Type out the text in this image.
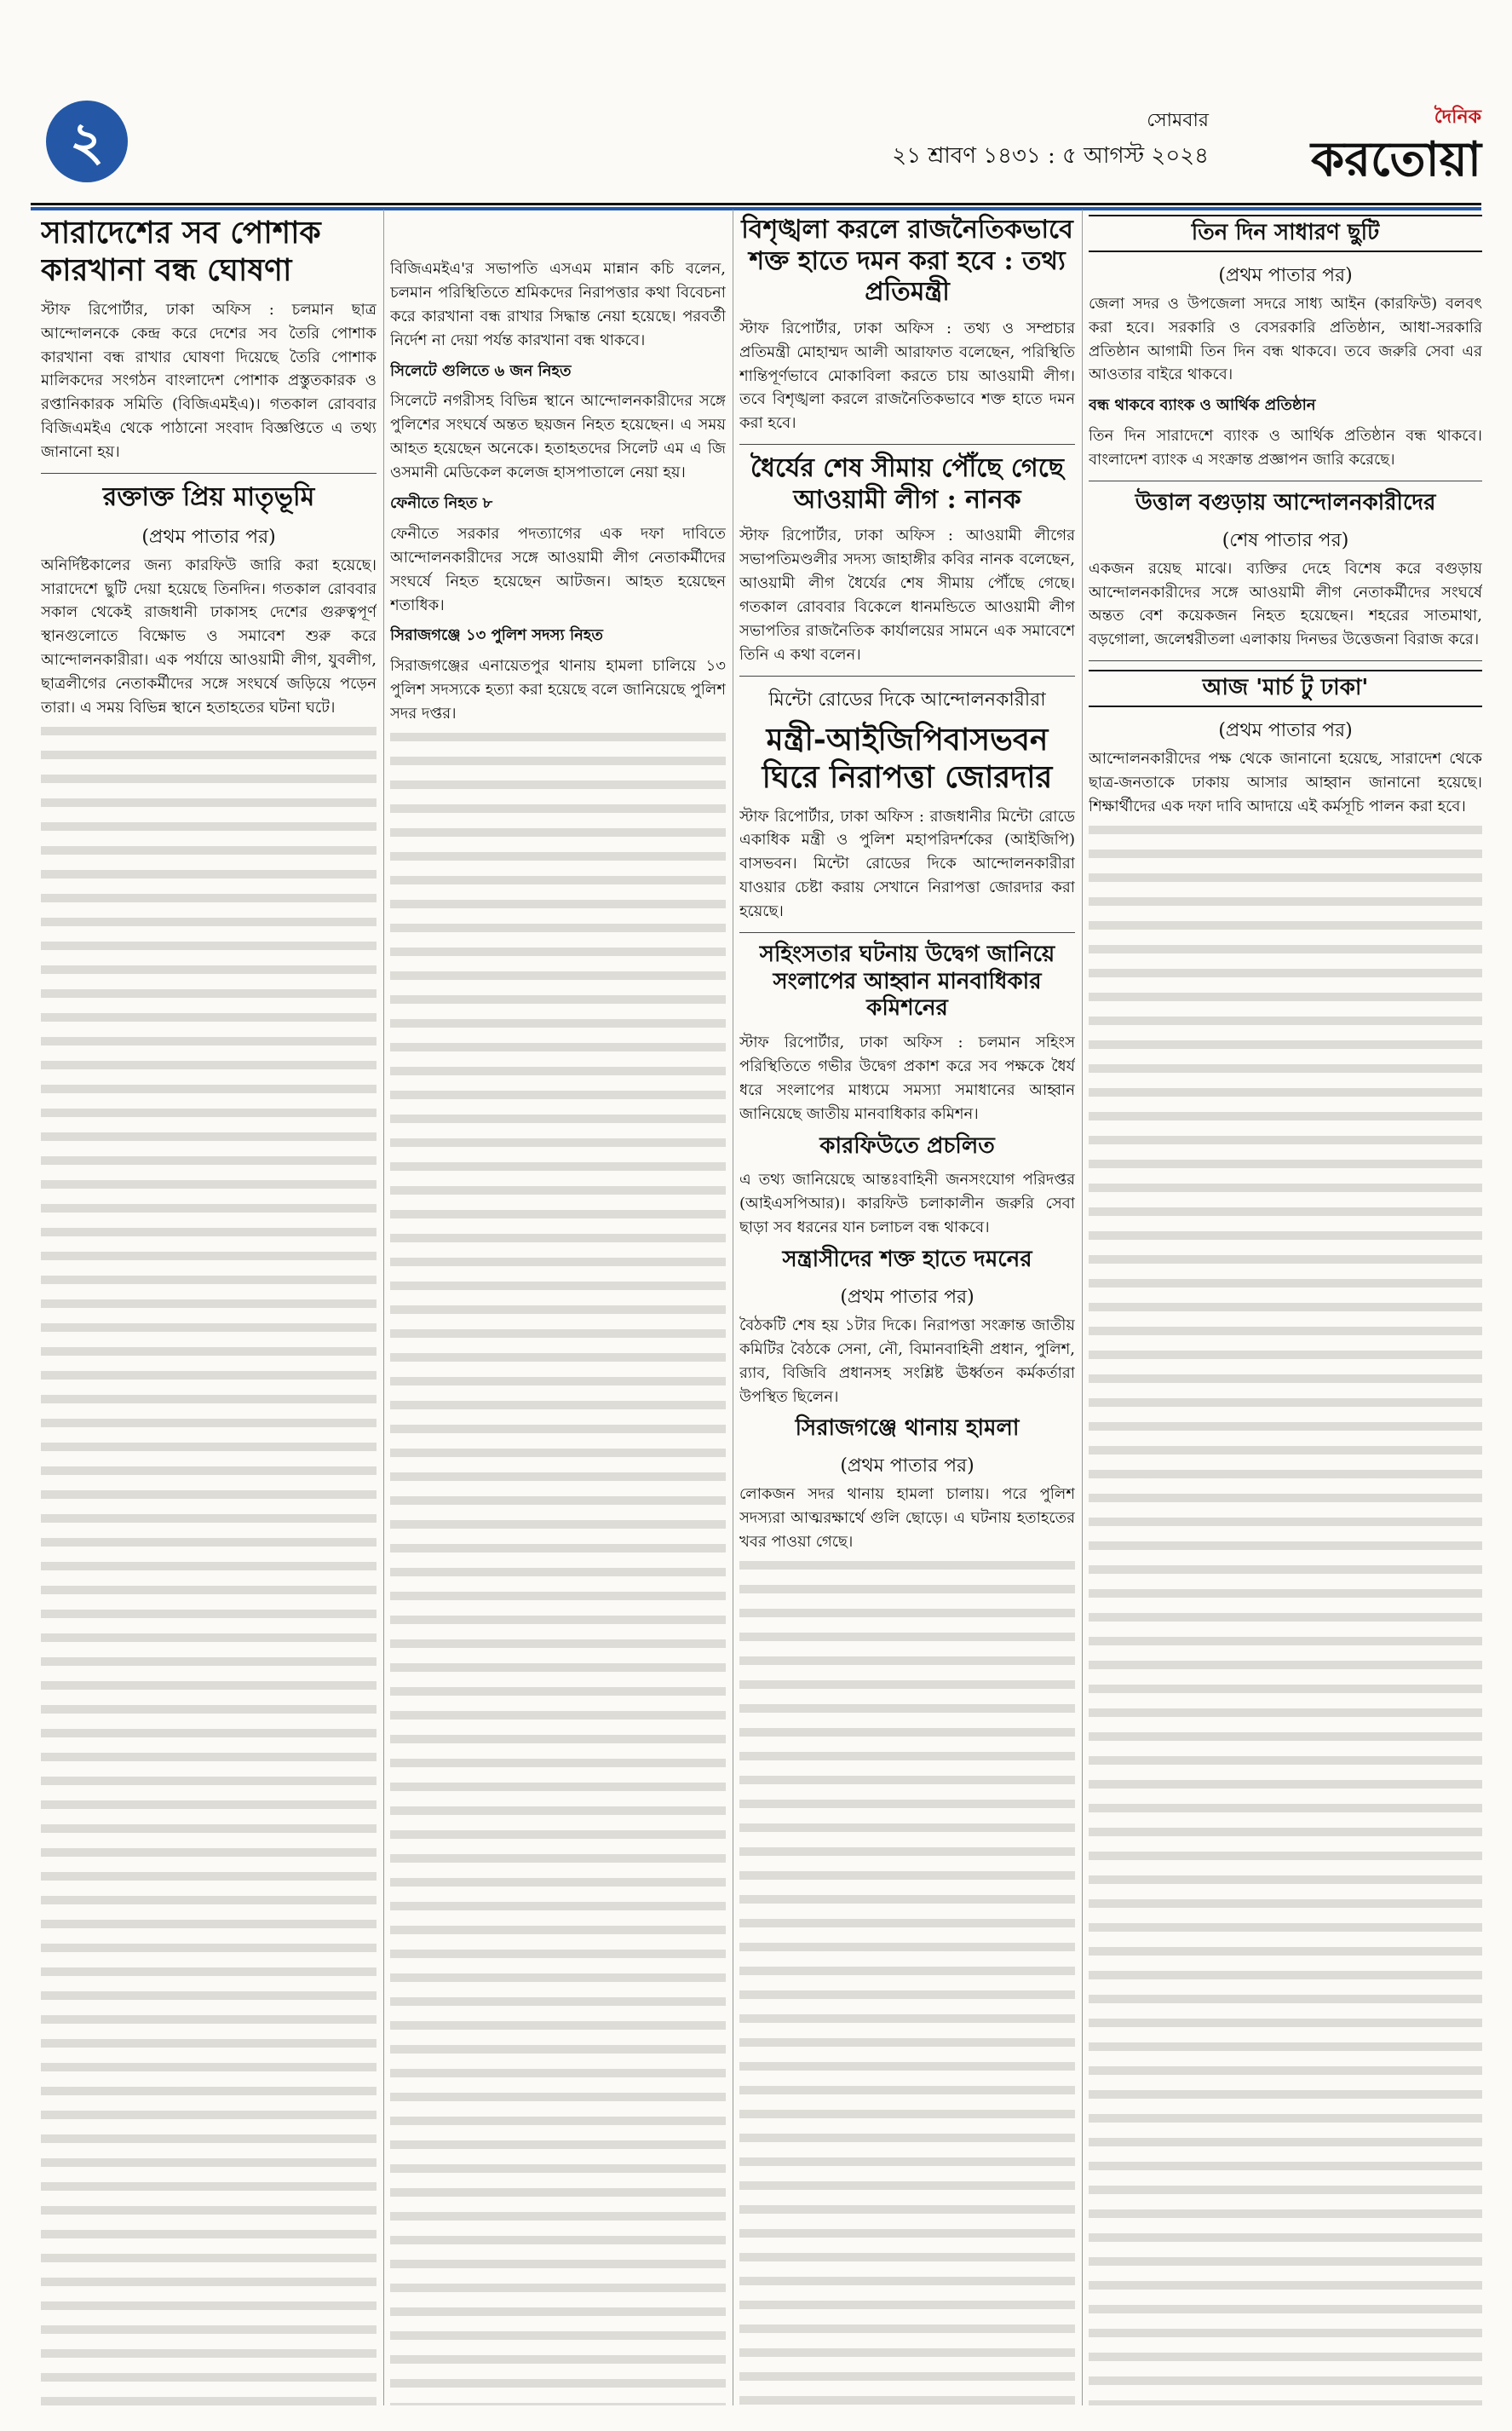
২	সোমবার
২১ শ্রাবণ ১৪৩১ : ৫ আগস্ট ২০২৪
দৈনিক
করতোয়া
সারাদেশের সব পোশাক কারখানা বন্ধ ঘোষণা

স্টাফ রিপোর্টার, ঢাকা অফিস : চলমান ছাত্র আন্দোলনকে কেন্দ্র করে দেশের সব তৈরি পোশাক কারখানা বন্ধ রাখার ঘোষণা দিয়েছে তৈরি পোশাক মালিকদের সংগঠন বাংলাদেশ পোশাক প্রস্তুতকারক ও রপ্তানিকারক সমিতি (বিজিএমইএ)। গতকাল রোববার বিজিএমইএ থেকে পাঠানো সংবাদ বিজ্ঞপ্তিতে এ তথ্য জানানো হয়।

রক্তাক্ত প্রিয় মাতৃভূমি
(প্রথম পাতার পর)

অনির্দিষ্টকালের জন্য কারফিউ জারি করা হয়েছে। সারাদেশে ছুটি দেয়া হয়েছে তিনদিন। গতকাল রোববার সকাল থেকেই রাজধানী ঢাকাসহ দেশের গুরুত্বপূর্ণ স্থানগুলোতে বিক্ষোভ ও সমাবেশ শুরু করে আন্দোলনকারীরা। এক পর্যায়ে আওয়ামী লীগ, যুবলীগ, ছাত্রলীগের নেতাকর্মীদের সঙ্গে সংঘর্ষে জড়িয়ে পড়েন তারা। এ সময় বিভিন্ন স্থানে হতাহতের ঘটনা ঘটে।

বিজিএমইএ'র সভাপতি এসএম মান্নান কচি বলেন, চলমান পরিস্থিতিতে শ্রমিকদের নিরাপত্তার কথা বিবেচনা করে কারখানা বন্ধ রাখার সিদ্ধান্ত নেয়া হয়েছে। পরবর্তী নির্দেশ না দেয়া পর্যন্ত কারখানা বন্ধ থাকবে।

সিলেটে গুলিতে ৬ জন নিহত

সিলেটে নগরীসহ বিভিন্ন স্থানে আন্দোলনকারীদের সঙ্গে পুলিশের সংঘর্ষে অন্তত ছয়জন নিহত হয়েছেন। এ সময় আহত হয়েছেন অনেকে। হতাহতদের সিলেট এম এ জি ওসমানী মেডিকেল কলেজ হাসপাতালে নেয়া হয়।

ফেনীতে নিহত ৮

ফেনীতে সরকার পদত্যাগের এক দফা দাবিতে আন্দোলনকারীদের সঙ্গে আওয়ামী লীগ নেতাকর্মীদের সংঘর্ষে নিহত হয়েছেন আটজন। আহত হয়েছেন শতাধিক।

সিরাজগঞ্জে ১৩ পুলিশ সদস্য নিহত

সিরাজগঞ্জের এনায়েতপুর থানায় হামলা চালিয়ে ১৩ পুলিশ সদস্যকে হত্যা করা হয়েছে বলে জানিয়েছে পুলিশ সদর দপ্তর।

বিশৃঙ্খলা করলে রাজনৈতিকভাবে শক্ত হাতে দমন করা হবে : তথ্য প্রতিমন্ত্রী

স্টাফ রিপোর্টার, ঢাকা অফিস : তথ্য ও সম্প্রচার প্রতিমন্ত্রী মোহাম্মদ আলী আরাফাত বলেছেন, পরিস্থিতি শান্তিপূর্ণভাবে মোকাবিলা করতে চায় আওয়ামী লীগ। তবে বিশৃঙ্খলা করলে রাজনৈতিকভাবে শক্ত হাতে দমন করা হবে।

ধৈর্যের শেষ সীমায় পৌঁছে গেছে আওয়ামী লীগ : নানক

স্টাফ রিপোর্টার, ঢাকা অফিস : আওয়ামী লীগের সভাপতিমণ্ডলীর সদস্য জাহাঙ্গীর কবির নানক বলেছেন, আওয়ামী লীগ ধৈর্যের শেষ সীমায় পৌঁছে গেছে। গতকাল রোববার বিকেলে ধানমন্ডিতে আওয়ামী লীগ সভাপতির রাজনৈতিক কার্যালয়ের সামনে এক সমাবেশে তিনি এ কথা বলেন।

মিন্টো রোডের দিকে আন্দোলনকারীরা
মন্ত্রী-আইজিপিবাসভবন ঘিরে নিরাপত্তা জোরদার

স্টাফ রিপোর্টার, ঢাকা অফিস : রাজধানীর মিন্টো রোডে একাধিক মন্ত্রী ও পুলিশ মহাপরিদর্শকের (আইজিপি) বাসভবন। মিন্টো রোডের দিকে আন্দোলনকারীরা যাওয়ার চেষ্টা করায় সেখানে নিরাপত্তা জোরদার করা হয়েছে।

সহিংসতার ঘটনায় উদ্বেগ জানিয়ে সংলাপের আহ্বান মানবাধিকার কমিশনের

স্টাফ রিপোর্টার, ঢাকা অফিস : চলমান সহিংস পরিস্থিতিতে গভীর উদ্বেগ প্রকাশ করে সব পক্ষকে ধৈর্য ধরে সংলাপের মাধ্যমে সমস্যা সমাধানের আহ্বান জানিয়েছে জাতীয় মানবাধিকার কমিশন।

কারফিউতে প্রচলিত

এ তথ্য জানিয়েছে আন্তঃবাহিনী জনসংযোগ পরিদপ্তর (আইএসপিআর)। কারফিউ চলাকালীন জরুরি সেবা ছাড়া সব ধরনের যান চলাচল বন্ধ থাকবে।

সন্ত্রাসীদের শক্ত হাতে দমনের
(প্রথম পাতার পর)

বৈঠকটি শেষ হয় ১টার দিকে। নিরাপত্তা সংক্রান্ত জাতীয় কমিটির বৈঠকে সেনা, নৌ, বিমানবাহিনী প্রধান, পুলিশ, র‍্যাব, বিজিবি প্রধানসহ সংশ্লিষ্ট ঊর্ধ্বতন কর্মকর্তারা উপস্থিত ছিলেন।

সিরাজগঞ্জে থানায় হামলা
(প্রথম পাতার পর)

লোকজন সদর থানায় হামলা চালায়। পরে পুলিশ সদস্যরা আত্মরক্ষার্থে গুলি ছোড়ে। এ ঘটনায় হতাহতের খবর পাওয়া গেছে।

তিন দিন সাধারণ ছুটি
(প্রথম পাতার পর)

জেলা সদর ও উপজেলা সদরে সাধ্য আইন (কারফিউ) বলবৎ করা হবে। সরকারি ও বেসরকারি প্রতিষ্ঠান, আধা-সরকারি প্রতিষ্ঠান আগামী তিন দিন বন্ধ থাকবে। তবে জরুরি সেবা এর আওতার বাইরে থাকবে।

বন্ধ থাকবে ব্যাংক ও আর্থিক প্রতিষ্ঠান

তিন দিন সারাদেশে ব্যাংক ও আর্থিক প্রতিষ্ঠান বন্ধ থাকবে। বাংলাদেশ ব্যাংক এ সংক্রান্ত প্রজ্ঞাপন জারি করেছে।

উত্তাল বগুড়ায় আন্দোলনকারীদের
(শেষ পাতার পর)

একজন রয়েছ মাঝে। ব্যক্তির দেহে বিশেষ করে বগুড়ায় আন্দোলনকারীদের সঙ্গে আওয়ামী লীগ নেতাকর্মীদের সংঘর্ষে অন্তত বেশ কয়েকজন নিহত হয়েছেন। শহরের সাতমাথা, বড়গোলা, জলেশ্বরীতলা এলাকায় দিনভর উত্তেজনা বিরাজ করে।

আজ 'মার্চ টু ঢাকা'
(প্রথম পাতার পর)

আন্দোলনকারীদের পক্ষ থেকে জানানো হয়েছে, সারাদেশ থেকে ছাত্র-জনতাকে ঢাকায় আসার আহ্বান জানানো হয়েছে। শিক্ষার্থীদের এক দফা দাবি আদায়ে এই কর্মসূচি পালন করা হবে।
